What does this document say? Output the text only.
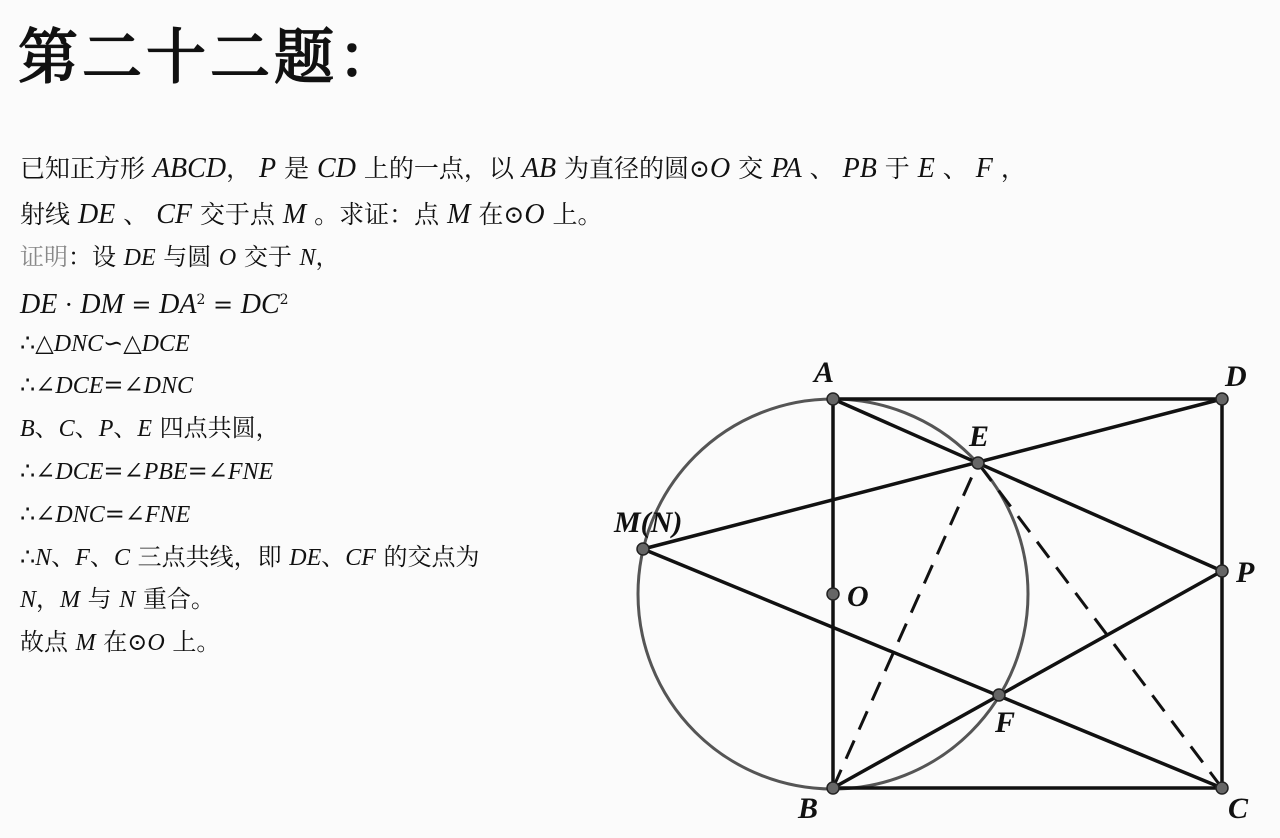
第二十二题：
已知正方形 ABCD， P 是 CD 上的一点，以 AB 为直径的圆⊙O 交 PA 、 PB 于 E 、 F ，
射线 DE 、 CF 交于点 M 。求证：点 M 在⊙O 上。
证明：设 DE 与圆 O 交于 N，
DE · DM = $DA^2 = DC^2$
∴△DNC∽△DCE
∴∠DCE=∠DNC
B、C、P、E 四点共圆，
∴∠DCE=∠PBE=∠FNE
∴∠DNC=∠FNE
∴N、F、C 三点共线，即 DE、CF 的交点为
N，M 与 N 重合。
故点 M 在⊙O 上。
A	D
E
P
O
F
B	C
M(N)
